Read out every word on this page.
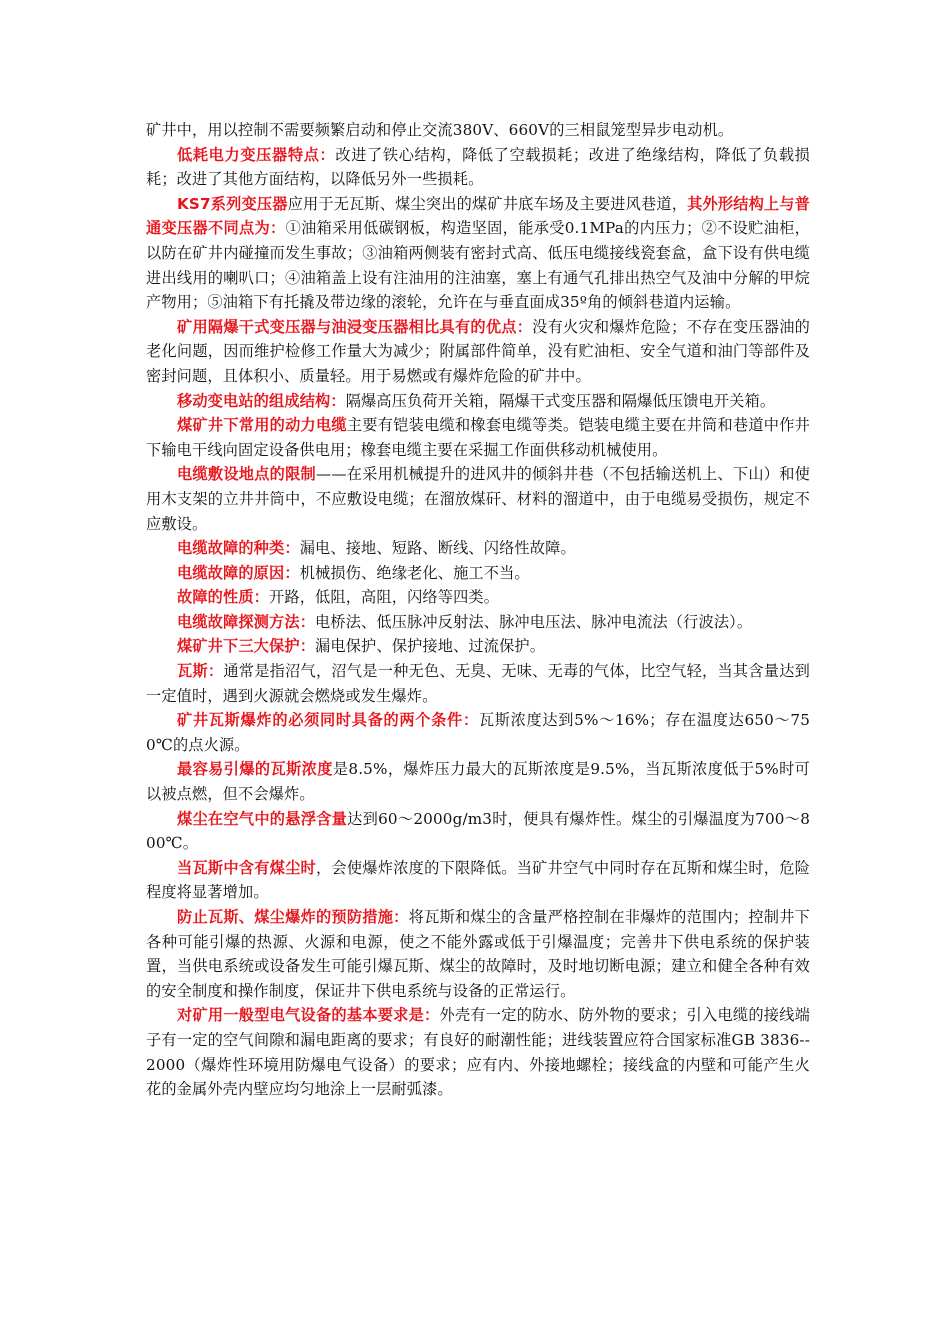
矿井中，用以控制不需要频繁启动和停止交流380V、660V的三相鼠笼型异步电动机。

低耗电力变压器特点：改进了铁心结构，降低了空载损耗；改进了绝缘结构，降低了负载损耗；改进了其他方面结构，以降低另外一些损耗。

KS7系列变压器应用于无瓦斯、煤尘突出的煤矿井底车场及主要进风巷道，其外形结构上与普通变压器不同点为：①油箱采用低碳钢板，构造坚固，能承受0.1MPa的内压力；②不设贮油柜，以防在矿井内碰撞而发生事故；③油箱两侧装有密封式高、低压电缆接线瓷套盒，盒下设有供电缆进出线用的喇叭口；④油箱盖上设有注油用的注油塞，塞上有通气孔排出热空气及油中分解的甲烷产物用；⑤油箱下有托撬及带边缘的滚轮，允许在与垂直面成35º角的倾斜巷道内运输。

矿用隔爆干式变压器与油浸变压器相比具有的优点：没有火灾和爆炸危险；不存在变压器油的老化问题，因而维护检修工作量大为减少；附属部件简单，没有贮油柜、安全气道和油门等部件及密封问题，且体积小、质量轻。用于易燃或有爆炸危险的矿井中。

移动变电站的组成结构：隔爆高压负荷开关箱，隔爆干式变压器和隔爆低压馈电开关箱。

煤矿井下常用的动力电缆主要有铠装电缆和橡套电缆等类。铠装电缆主要在井筒和巷道中作井下输电干线向固定设备供电用；橡套电缆主要在采掘工作面供移动机械使用。

电缆敷设地点的限制——在采用机械提升的进风井的倾斜井巷（不包括输送机上、下山）和使用木支架的立井井筒中，不应敷设电缆；在溜放煤矸、材料的溜道中，由于电缆易受损伤，规定不应敷设。

电缆故障的种类：漏电、接地、短路、断线、闪络性故障。

电缆故障的原因：机械损伤、绝缘老化、施工不当。

故障的性质：开路，低阻，高阻，闪络等四类。

电缆故障探测方法：电桥法、低压脉冲反射法、脉冲电压法、脉冲电流法（行波法）。

煤矿井下三大保护：漏电保护、保护接地、过流保护。

瓦斯：通常是指沼气，沼气是一种无色、无臭、无味、无毒的气体，比空气轻，当其含量达到一定值时，遇到火源就会燃烧或发生爆炸。

矿井瓦斯爆炸的必须同时具备的两个条件：瓦斯浓度达到5%～16%；存在温度达650～750℃的点火源。

最容易引爆的瓦斯浓度是8.5%，爆炸压力最大的瓦斯浓度是9.5%，当瓦斯浓度低于5%时可以被点燃，但不会爆炸。

煤尘在空气中的悬浮含量达到60～2000g/m3时，便具有爆炸性。煤尘的引爆温度为700～800℃。

当瓦斯中含有煤尘时，会使爆炸浓度的下限降低。当矿井空气中同时存在瓦斯和煤尘时，危险程度将显著增加。

防止瓦斯、煤尘爆炸的预防措施：将瓦斯和煤尘的含量严格控制在非爆炸的范围内；控制井下各种可能引爆的热源、火源和电源，使之不能外露或低于引爆温度；完善井下供电系统的保护装置，当供电系统或设备发生可能引爆瓦斯、煤尘的故障时，及时地切断电源；建立和健全各种有效的安全制度和操作制度，保证井下供电系统与设备的正常运行。

对矿用一般型电气设备的基本要求是：外壳有一定的防水、防外物的要求；引入电缆的接线端子有一定的空气间隙和漏电距离的要求；有良好的耐潮性能；进线装置应符合国家标准GB 3836--2000（爆炸性环境用防爆电气设备）的要求；应有内、外接地螺栓；接线盒的内壁和可能产生火花的金属外壳内壁应均匀地涂上一层耐弧漆。
